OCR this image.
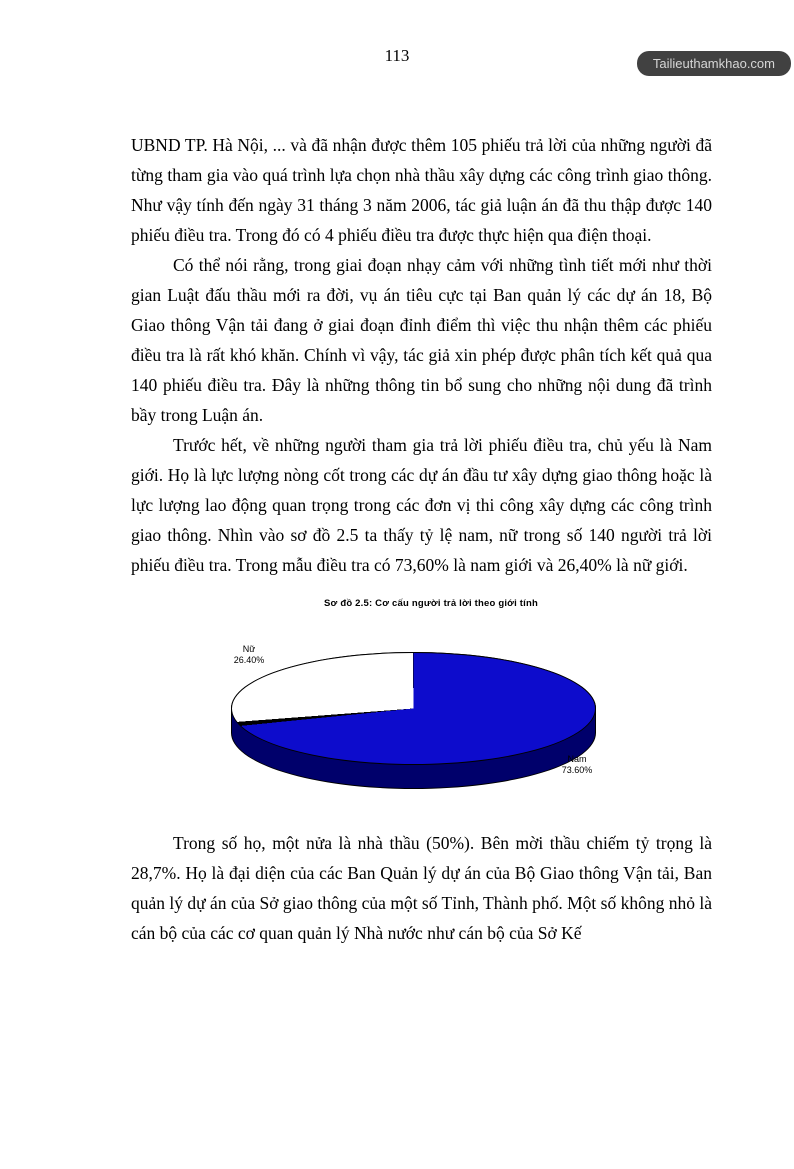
Tailieuthamkhao.com
113

UBND TP. Hà Nội, ... và đã nhận được thêm 105 phiếu trả lời của những người đã từng tham gia vào quá trình lựa chọn nhà thầu xây dựng các công trình giao thông. Như vậy tính đến ngày 31 tháng 3 năm 2006, tác giả luận án đã thu thập được 140 phiếu điều tra. Trong đó có 4 phiếu điều tra được thực hiện qua điện thoại.

Có thể nói rằng, trong giai đoạn nhạy cảm với những tình tiết mới như thời gian Luật đấu thầu mới ra đời, vụ án tiêu cực tại Ban quản lý các dự án 18, Bộ Giao thông Vận tải đang ở giai đoạn đỉnh điểm thì việc thu nhận thêm các phiếu điều tra là rất khó khăn. Chính vì vậy, tác giả xin phép được phân tích kết quả qua 140 phiếu điều tra. Đây là những thông tin bổ sung cho những nội dung đã trình bầy trong Luận án.

Trước hết, về những người tham gia trả lời phiếu điều tra, chủ yếu là Nam giới. Họ là lực lượng nòng cốt trong các dự án đầu tư xây dựng giao thông hoặc là lực lượng lao động quan trọng trong các đơn vị thi công xây dựng các công trình giao thông. Nhìn vào sơ đồ 2.5 ta thấy tỷ lệ nam, nữ trong số 140 người trả lời phiếu điều tra. Trong mẫu điều tra có 73,60% là nam giới và 26,40% là nữ giới.

Sơ đồ 2.5: Cơ cấu người trả lời theo giới tính
Nữ
26.40%
Nam
73.60%

Trong số họ, một nửa là nhà thầu (50%). Bên mời thầu chiếm tỷ trọng là 28,7%. Họ là đại diện của các Ban Quản lý dự án của Bộ Giao thông Vận tải, Ban quản lý dự án của Sở giao thông của một số Tỉnh, Thành phố. Một số không nhỏ là cán bộ của các cơ quan quản lý Nhà nước như cán bộ của Sở Kế
